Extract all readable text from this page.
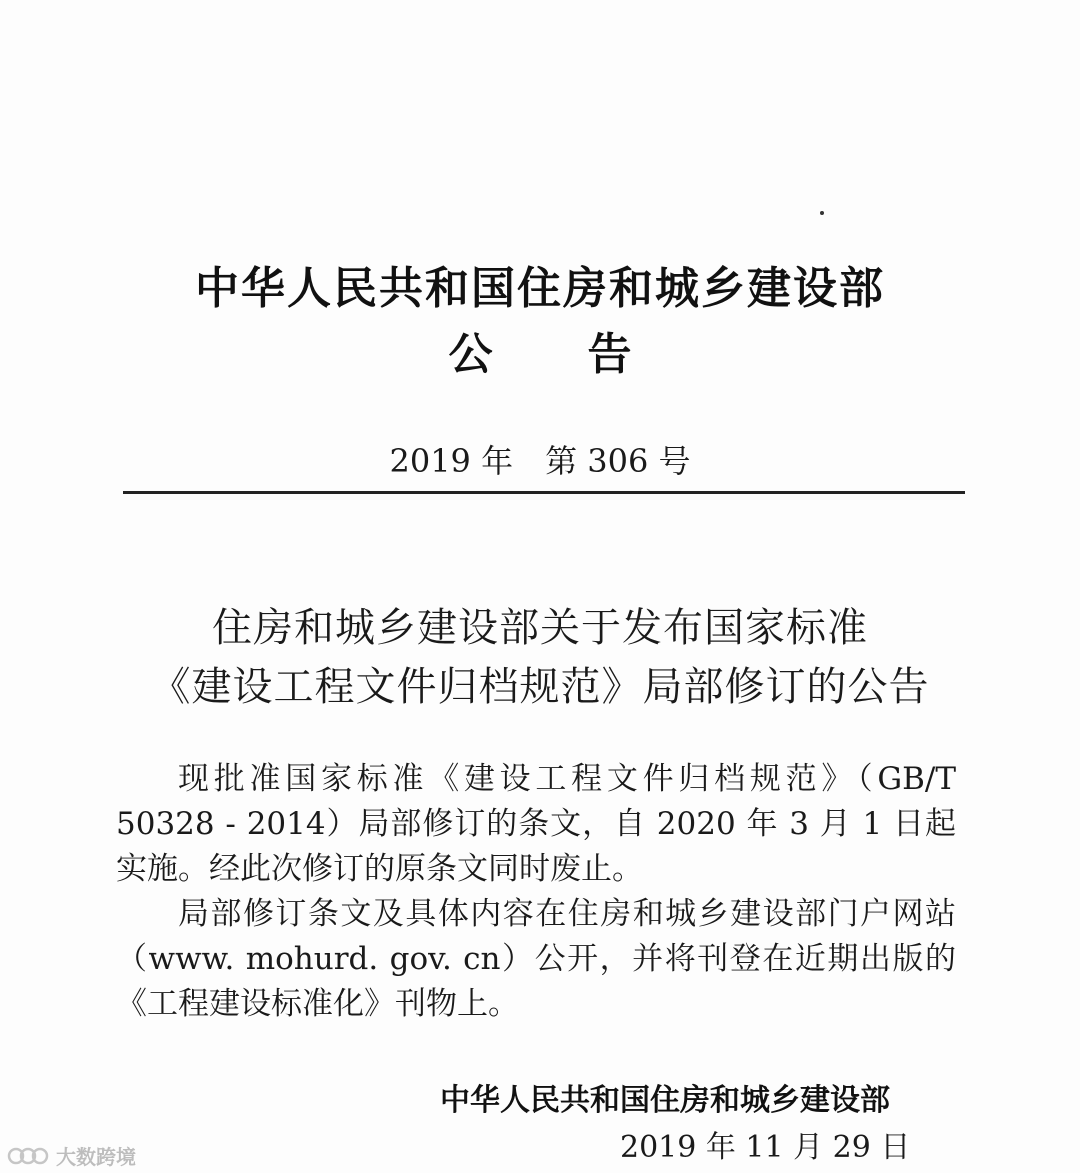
中华人民共和国住房和城乡建设部
公告
2019 年　第 306 号
住房和城乡建设部关于发布国家标准
《建设工程文件归档规范》局部修订的公告

现批准国家标准《建设工程文件归档规范》（GB/T 50328 - 2014）局部修订的条文，自 2020 年 3 月 1 日起实施。经此次修订的原条文同时废止。

局部修订条文及具体内容在住房和城乡建设部门户网站（www. mohurd. gov. cn）公开，并将刊登在近期出版的《工程建设标准化》刊物上。

中华人民共和国住房和城乡建设部
2019 年 11 月 29 日
大数跨境
